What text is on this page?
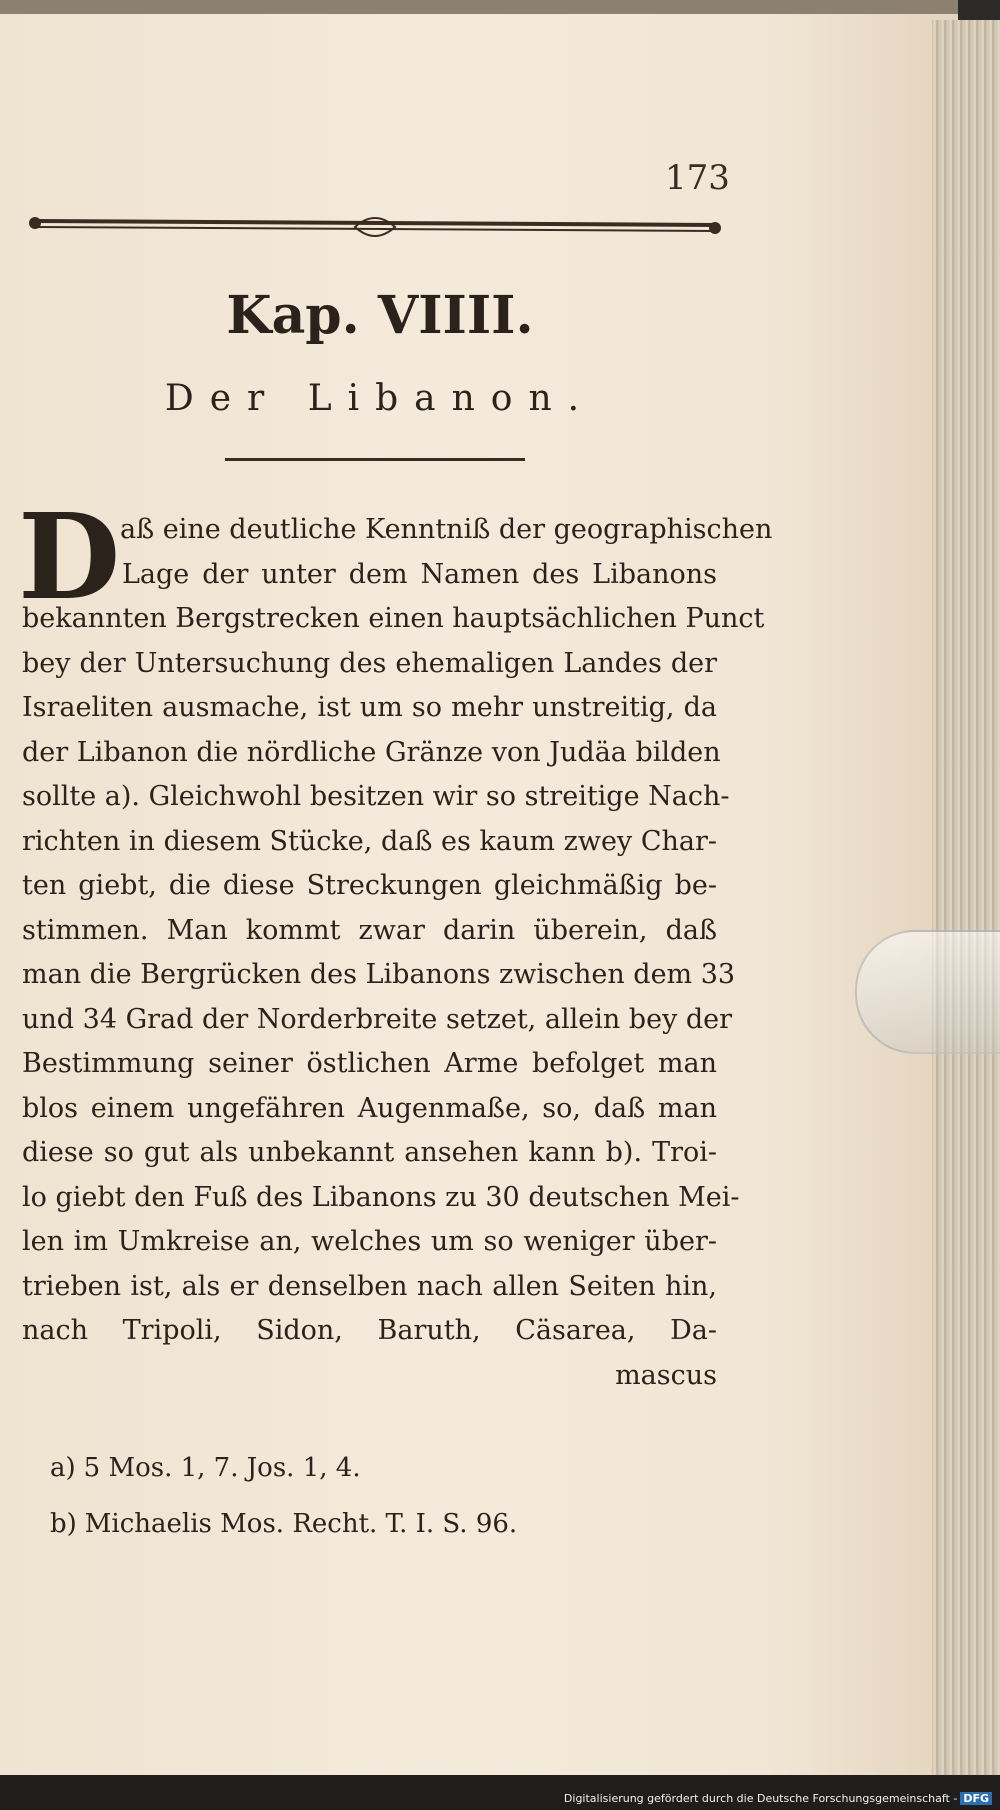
173
Kap. VIIII.
Der Libanon.
D aß eine deutliche Kenntniß der geographischen
Lage der unter dem Namen des Libanons
bekannten Bergstrecken einen hauptsächlichen Punct
bey der Untersuchung des ehemaligen Landes der
Israeliten ausmache, ist um so mehr unstreitig, da
der Libanon die nördliche Gränze von Judäa bilden
sollte a). Gleichwohl besitzen wir so streitige Nach-
richten in diesem Stücke, daß es kaum zwey Char-
ten giebt, die diese Streckungen gleichmäßig be-
stimmen. Man kommt zwar darin überein, daß
man die Bergrücken des Libanons zwischen dem 33
und 34 Grad der Norderbreite setzet, allein bey der
Bestimmung seiner östlichen Arme befolget man
blos einem ungefähren Augenmaße, so, daß man
diese so gut als unbekannt ansehen kann b). Troi-
lo giebt den Fuß des Libanons zu 30 deutschen Mei-
len im Umkreise an, welches um so weniger über-
trieben ist, als er denselben nach allen Seiten hin,
nach Tripoli, Sidon, Baruth, Cäsarea, Da-
mascus
a) 5 Mos. 1, 7. Jos. 1, 4.
b) Michaelis Mos. Recht. T. I. S. 96.
Digitalisierung gefördert durch die Deutsche Forschungsgemeinschaft - DFG
